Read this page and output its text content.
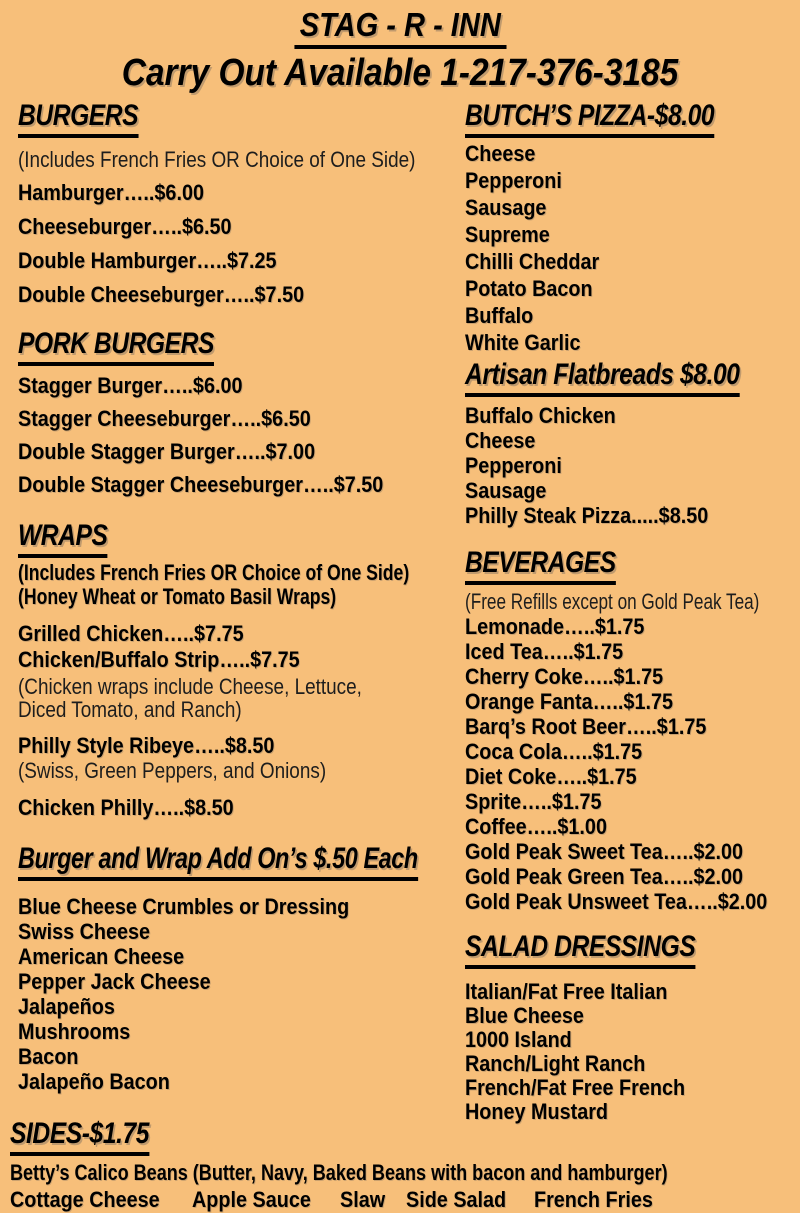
STAG - R - INN
Carry Out Available 1-217-376-3185
BURGERS
(Includes French Fries OR Choice of One Side)
Hamburger…..$6.00
Cheeseburger…..$6.50
Double Hamburger…..$7.25
Double Cheeseburger…..$7.50
PORK BURGERS
Stagger Burger…..$6.00
Stagger Cheeseburger…..$6.50
Double Stagger Burger…..$7.00
Double Stagger Cheeseburger…..$7.50
WRAPS
(Includes French Fries OR Choice of One Side)
(Honey Wheat or Tomato Basil Wraps)
Grilled Chicken…..$7.75
Chicken/Buffalo Strip…..$7.75
(Chicken wraps include Cheese, Lettuce, Diced Tomato, and Ranch)
Philly Style Ribeye…..$8.50
(Swiss, Green Peppers, and Onions)
Chicken Philly…..$8.50
Burger and Wrap Add On’s $.50 Each
Blue Cheese Crumbles or Dressing
Swiss Cheese
American Cheese
Pepper Jack Cheese
Jalapeños
Mushrooms
Bacon
Jalapeño Bacon
BUTCH’S PIZZA-$8.00
Cheese
Pepperoni
Sausage
Supreme
Chilli Cheddar
Potato Bacon
Buffalo
White Garlic
Artisan Flatbreads $8.00
Buffalo Chicken
Cheese
Pepperoni
Sausage
Philly Steak Pizza.....$8.50
BEVERAGES
(Free Refills except on Gold Peak Tea)
Lemonade…..$1.75
Iced Tea…..$1.75
Cherry Coke…..$1.75
Orange Fanta…..$1.75
Barq’s Root Beer…..$1.75
Coca Cola…..$1.75
Diet Coke…..$1.75
Sprite…..$1.75
Coffee…..$1.00
Gold Peak Sweet Tea…..$2.00
Gold Peak Green Tea…..$2.00
Gold Peak Unsweet Tea…..$2.00
SALAD DRESSINGS
Italian/Fat Free Italian
Blue Cheese
1000 Island
Ranch/Light Ranch
French/Fat Free French
Honey Mustard
SIDES-$1.75
Betty’s Calico Beans (Butter, Navy, Baked Beans with bacon and hamburger)
Cottage Cheese Apple Sauce Slaw Side Salad French Fries
